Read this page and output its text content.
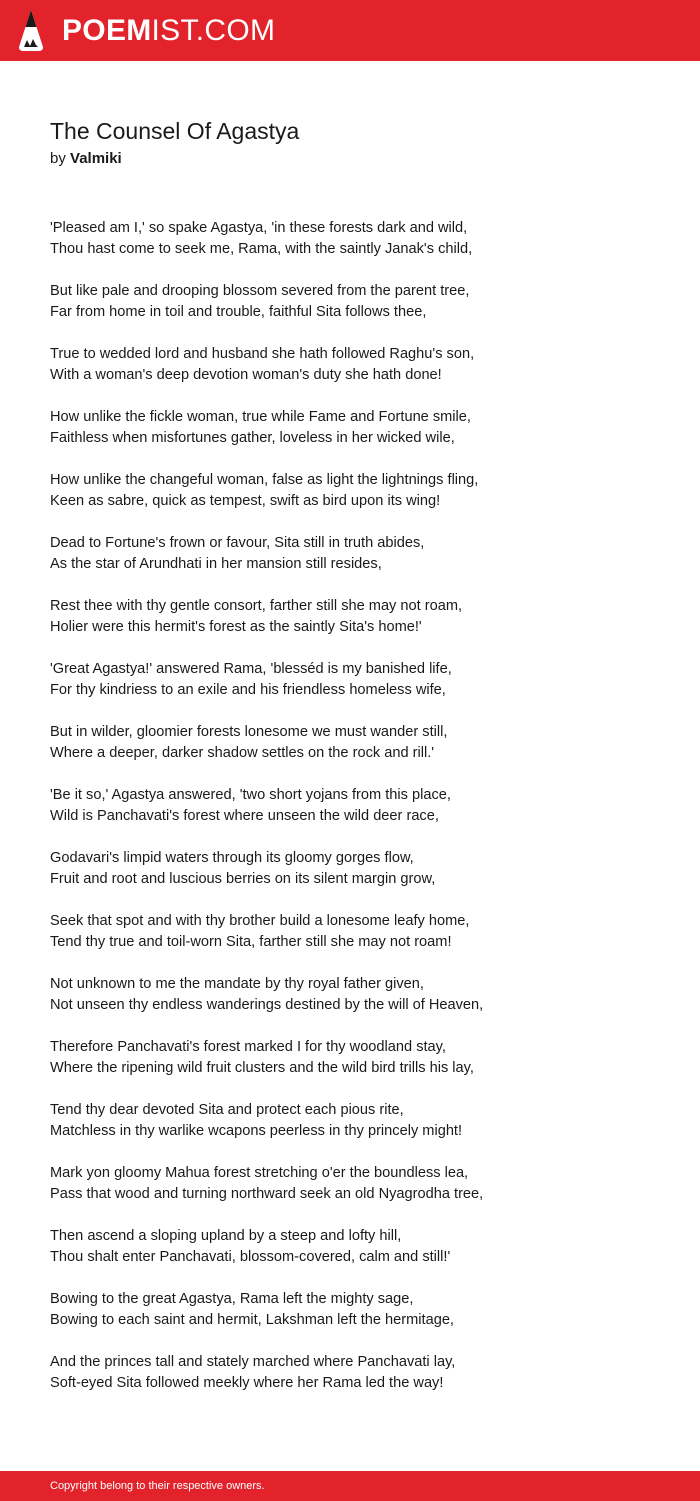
POEMIST.COM
The Counsel Of Agastya
by Valmiki
'Pleased am I,' so spake Agastya, 'in these forests dark and wild,
Thou hast come to seek me, Rama, with the saintly Janak's child,
But like pale and drooping blossom severed from the parent tree,
Far from home in toil and trouble, faithful Sita follows thee,
True to wedded lord and husband she hath followed Raghu's son,
With a woman's deep devotion woman's duty she hath done!
How unlike the fickle woman, true while Fame and Fortune smile,
Faithless when misfortunes gather, loveless in her wicked wile,
How unlike the changeful woman, false as light the lightnings fling,
Keen as sabre, quick as tempest, swift as bird upon its wing!
Dead to Fortune's frown or favour, Sita still in truth abides,
As the star of Arundhati in her mansion still resides,
Rest thee with thy gentle consort, farther still she may not roam,
Holier were this hermit's forest as the saintly Sita's home!'
'Great Agastya!' answered Rama, 'blesséd is my banished life,
For thy kindriess to an exile and his friendless homeless wife,
But in wilder, gloomier forests lonesome we must wander still,
Where a deeper, darker shadow settles on the rock and rill.'
'Be it so,' Agastya answered, 'two short yojans from this place,
Wild is Panchavati's forest where unseen the wild deer race,
Godavari's limpid waters through its gloomy gorges flow,
Fruit and root and luscious berries on its silent margin grow,
Seek that spot and with thy brother build a lonesome leafy home,
Tend thy true and toil-worn Sita, farther still she may not roam!
Not unknown to me the mandate by thy royal father given,
Not unseen thy endless wanderings destined by the will of Heaven,
Therefore Panchavati's forest marked I for thy woodland stay,
Where the ripening wild fruit clusters and the wild bird trills his lay,
Tend thy dear devoted Sita and protect each pious rite,
Matchless in thy warlike wcapons peerless in thy princely might!
Mark yon gloomy Mahua forest stretching o'er the boundless lea,
Pass that wood and turning northward seek an old Nyagrodha tree,
Then ascend a sloping upland by a steep and lofty hill,
Thou shalt enter Panchavati, blossom-covered, calm and still!'
Bowing to the great Agastya, Rama left the mighty sage,
Bowing to each saint and hermit, Lakshman left the hermitage,
And the princes tall and stately marched where Panchavati lay,
Soft-eyed Sita followed meekly where her Rama led the way!
Copyright belong to their respective owners.
